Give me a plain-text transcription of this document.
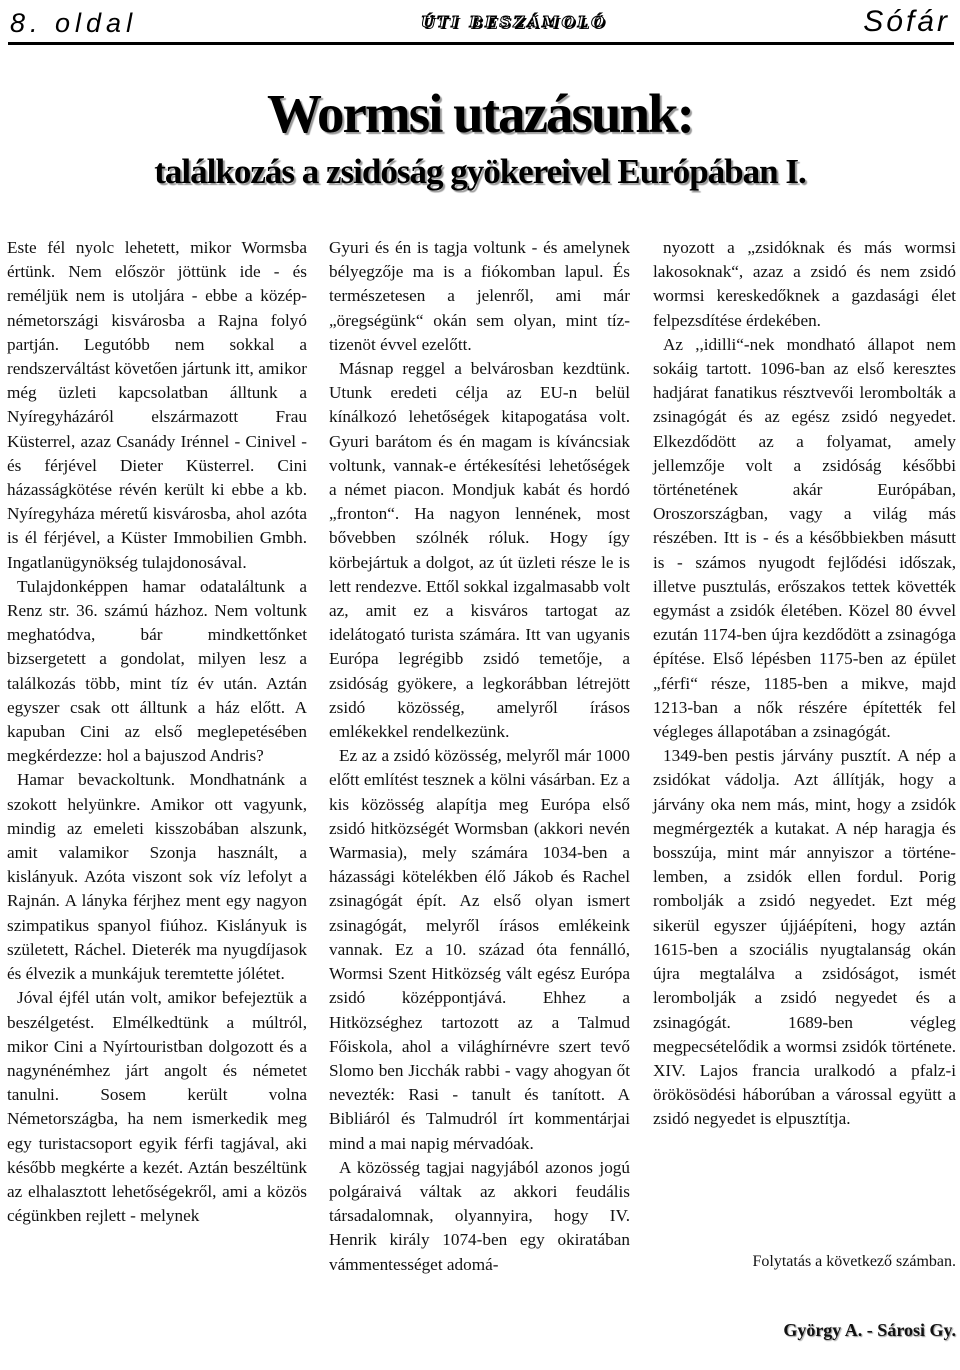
8. oldal	ÚTI BESZÁMOLÓ	Sófár
Wormsi utazásunk:
találkozás a zsidóság gyökereivel Európában I.

Este fél nyolc lehetett, mikor Wormsba értünk. Nem először jöttünk ide - és reméljük nem is utoljára - ebbe a közép-németországi kisvárosba a Rajna folyó partján. Legutóbb nem sokkal a rendszerváltást követően jártunk itt, amikor még üzleti kapcsolatban álltunk a Nyíregyházáról elszármazott Frau Küsterrel, azaz Csanády Irénnel - Cinivel - és férjével Dieter Küsterrel. Cini házasságkötése révén került ki ebbe a kb. Nyíregyháza méretű kisvárosba, ahol azóta is él férjével, a Küster Immobilien Gmbh. Ingatlanügynökség tulajdonosával.

Tulajdonképpen hamar odataláltunk a Renz str. 36. számú házhoz. Nem voltunk meghatódva, bár mindkettőnket bizsergetett a gondolat, milyen lesz a találkozás több, mint tíz év után. Aztán egyszer csak ott álltunk a ház előtt. A kapuban Cini az első meglepetésében megkérdezze: hol a bajuszod Andris?

Hamar bevackoltunk. Mondhatnánk a szokott helyünkre. Amikor ott vagyunk, mindig az emeleti kisszobában alszunk, amit valamikor Szonja használt, a kislányuk. Azóta viszont sok víz lefolyt a Rajnán. A lányka férjhez ment egy nagyon szimpatikus spanyol fiúhoz. Kislányuk is született, Ráchel. Dieterék ma nyugdíjasok és élvezik a munkájuk teremtette jólétet.

Jóval éjfél után volt, amikor befejeztük a beszélgetést. Elmélkedtünk a múltról, mikor Cini a Nyírtouristban dolgozott és a nagynénémhez járt angolt és németet tanulni. Sosem került volna Németországba, ha nem ismerkedik meg egy turistacsoport egyik férfi tagjával, aki később megkérte a kezét. Aztán beszéltünk az elhalasztott lehetőségekről, ami a közös cégünkben rejlett - melynek

Gyuri és én is tagja voltunk - és amelynek bélyegzője ma is a fiókomban lapul. És természetesen a jelenről, ami már „öregségünk“ okán sem olyan, mint tíz-tizenöt évvel ezelőtt.

Másnap reggel a belvárosban kezdtünk. Utunk eredeti célja az EU-n belül kínálkozó lehetőségek kitapogatása volt. Gyuri barátom és én magam is kíváncsiak voltunk, vannak-e értékesítési lehetőségek a német piacon. Mondjuk kabát és hordó „fronton“. Ha nagyon lennének, most bővebben szólnék róluk. Hogy így körbejártuk a dolgot, az út üzleti része le is lett rendezve. Ettől sokkal izgalmasabb volt az, amit ez a kisváros tartogat az idelátogató turista számára. Itt van ugyanis Európa legrégibb zsidó temetője, a zsidóság gyökere, a legkorábban létrejött zsidó közösség, amelyről írásos emlékekkel rendelkezünk.

Ez az a zsidó közösség, melyről már 1000 előtt említést tesznek a kölni vásárban. Ez a kis közösség alapítja meg Európa első zsidó hitközségét Wormsban (akkori nevén Warmasia), mely számára 1034-ben a házassági kötelékben élő Jákob és Rachel zsinagógát épít. Az első olyan ismert zsinagógát, melyről írásos emlékeink vannak. Ez a 10. század óta fennálló, Wormsi Szent Hitközség vált egész Európa zsidó középpontjává. Ehhez a Hitközséghez tartozott az a Talmud Főiskola, ahol a világhírnévre szert tevő Slomo ben Jicchák rabbi - vagy ahogyan őt nevezték: Rasi - tanult és tanított. A Bibliáról és Talmudról írt kommentárjai mind a mai napig mérvadóak.

A közösség tagjai nagyjából azonos jogú polgáraivá váltak az akkori feudális társadalomnak, olyannyira, hogy IV. Henrik király 1074-ben egy okiratában vámmentességet adomá-

nyozott a „zsidóknak és más wormsi lakosoknak“, azaz a zsidó és nem zsidó wormsi kereskedőknek a gazdasági élet felpezsdítése érdekében.

Az ,,idilli“-nek mondható állapot nem sokáig tartott. 1096-ban az első keresztes hadjárat fanatikus résztvevői lerombolták a zsinagógát és az egész zsidó negyedet. Elkezdődött az a folyamat, amely jellemzője volt a zsidóság későbbi történetének akár Európában, Oroszországban, vagy a világ más részében. Itt is - és a későbbiekben másutt is - számos nyugodt fejlődési időszak, illetve pusztulás, erőszakos tettek követték egymást a zsidók életében. Közel 80 évvel ezután 1174-ben újra kezdődött a zsinagóga építése. Első lépésben 1175-ben az épület „férfi“ része, 1185-ben a mikve, majd 1213-ban a nők részére építették fel végleges állapotában a zsinagógát.

1349-ben pestis járvány pusztít. A nép a zsidókat vádolja. Azt állítják, hogy a járvány oka nem más, mint, hogy a zsidók megmérgezték a kutakat. A nép haragja és bosszúja, mint már annyiszor a történe-lemben, a zsidók ellen fordul. Porig rombolják a zsidó negyedet. Ezt még sikerül egyszer újjáépíteni, hogy aztán 1615-ben a szociális nyugtalanság okán újra megtalálva a zsidóságot, ismét lerombolják a zsidó negyedet és a zsinagógát. 1689-ben végleg megpecsételődik a wormsi zsidók története. XIV. Lajos francia uralkodó a pfalz-i örökösödési háborúban a várossal együtt a zsidó negyedet is elpusztítja.

Folytatás a következő számban.
György A. - Sárosi Gy.
